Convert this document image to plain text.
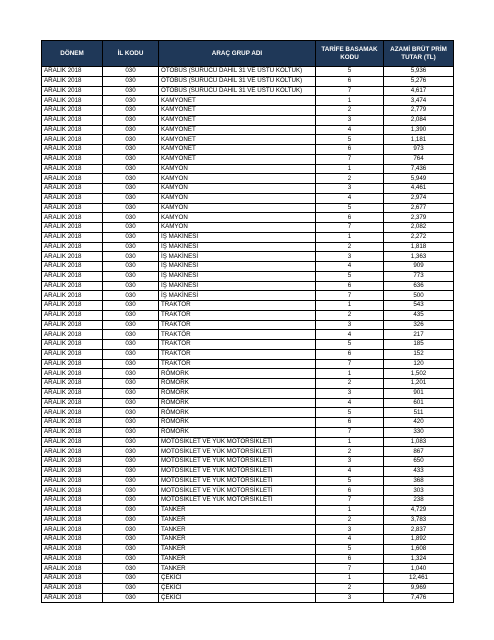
DÖNEM	İL KODU	ARAÇ GRUP ADI	TARİFE BASAMAK KODU	AZAMİ BRÜT PRİM TUTAR (TL)
ARALIK 2018	030	OTOBÜS (SÜRÜCÜ DAHİL 31 VE ÜSTÜ KOLTUK)	5	5,936
ARALIK 2018	030	OTOBÜS (SÜRÜCÜ DAHİL 31 VE ÜSTÜ KOLTUK)	6	5,276
ARALIK 2018	030	OTOBÜS (SÜRÜCÜ DAHİL 31 VE ÜSTÜ KOLTUK)	7	4,617
ARALIK 2018	030	KAMYONET	1	3,474
ARALIK 2018	030	KAMYONET	2	2,779
ARALIK 2018	030	KAMYONET	3	2,084
ARALIK 2018	030	KAMYONET	4	1,390
ARALIK 2018	030	KAMYONET	5	1,181
ARALIK 2018	030	KAMYONET	6	973
ARALIK 2018	030	KAMYONET	7	764
ARALIK 2018	030	KAMYON	1	7,436
ARALIK 2018	030	KAMYON	2	5,949
ARALIK 2018	030	KAMYON	3	4,461
ARALIK 2018	030	KAMYON	4	2,974
ARALIK 2018	030	KAMYON	5	2,677
ARALIK 2018	030	KAMYON	6	2,379
ARALIK 2018	030	KAMYON	7	2,082
ARALIK 2018	030	İŞ MAKİNESİ	1	2,272
ARALIK 2018	030	İŞ MAKİNESİ	2	1,818
ARALIK 2018	030	İŞ MAKİNESİ	3	1,363
ARALIK 2018	030	İŞ MAKİNESİ	4	909
ARALIK 2018	030	İŞ MAKİNESİ	5	773
ARALIK 2018	030	İŞ MAKİNESİ	6	636
ARALIK 2018	030	İŞ MAKİNESİ	7	500
ARALIK 2018	030	TRAKTÖR	1	543
ARALIK 2018	030	TRAKTÖR	2	435
ARALIK 2018	030	TRAKTÖR	3	326
ARALIK 2018	030	TRAKTÖR	4	217
ARALIK 2018	030	TRAKTÖR	5	185
ARALIK 2018	030	TRAKTÖR	6	152
ARALIK 2018	030	TRAKTÖR	7	120
ARALIK 2018	030	RÖMORK	1	1,502
ARALIK 2018	030	RÖMORK	2	1,201
ARALIK 2018	030	RÖMORK	3	901
ARALIK 2018	030	RÖMORK	4	601
ARALIK 2018	030	RÖMORK	5	511
ARALIK 2018	030	RÖMORK	6	420
ARALIK 2018	030	RÖMORK	7	330
ARALIK 2018	030	MOTOSİKLET VE YÜK MOTORSİKLETİ	1	1,083
ARALIK 2018	030	MOTOSİKLET VE YÜK MOTORSİKLETİ	2	867
ARALIK 2018	030	MOTOSİKLET VE YÜK MOTORSİKLETİ	3	650
ARALIK 2018	030	MOTOSİKLET VE YÜK MOTORSİKLETİ	4	433
ARALIK 2018	030	MOTOSİKLET VE YÜK MOTORSİKLETİ	5	368
ARALIK 2018	030	MOTOSİKLET VE YÜK MOTORSİKLETİ	6	303
ARALIK 2018	030	MOTOSİKLET VE YÜK MOTORSİKLETİ	7	238
ARALIK 2018	030	TANKER	1	4,729
ARALIK 2018	030	TANKER	2	3,783
ARALIK 2018	030	TANKER	3	2,837
ARALIK 2018	030	TANKER	4	1,892
ARALIK 2018	030	TANKER	5	1,608
ARALIK 2018	030	TANKER	6	1,324
ARALIK 2018	030	TANKER	7	1,040
ARALIK 2018	030	ÇEKİCİ	1	12,461
ARALIK 2018	030	ÇEKİCİ	2	9,969
ARALIK 2018	030	ÇEKİCİ	3	7,476
